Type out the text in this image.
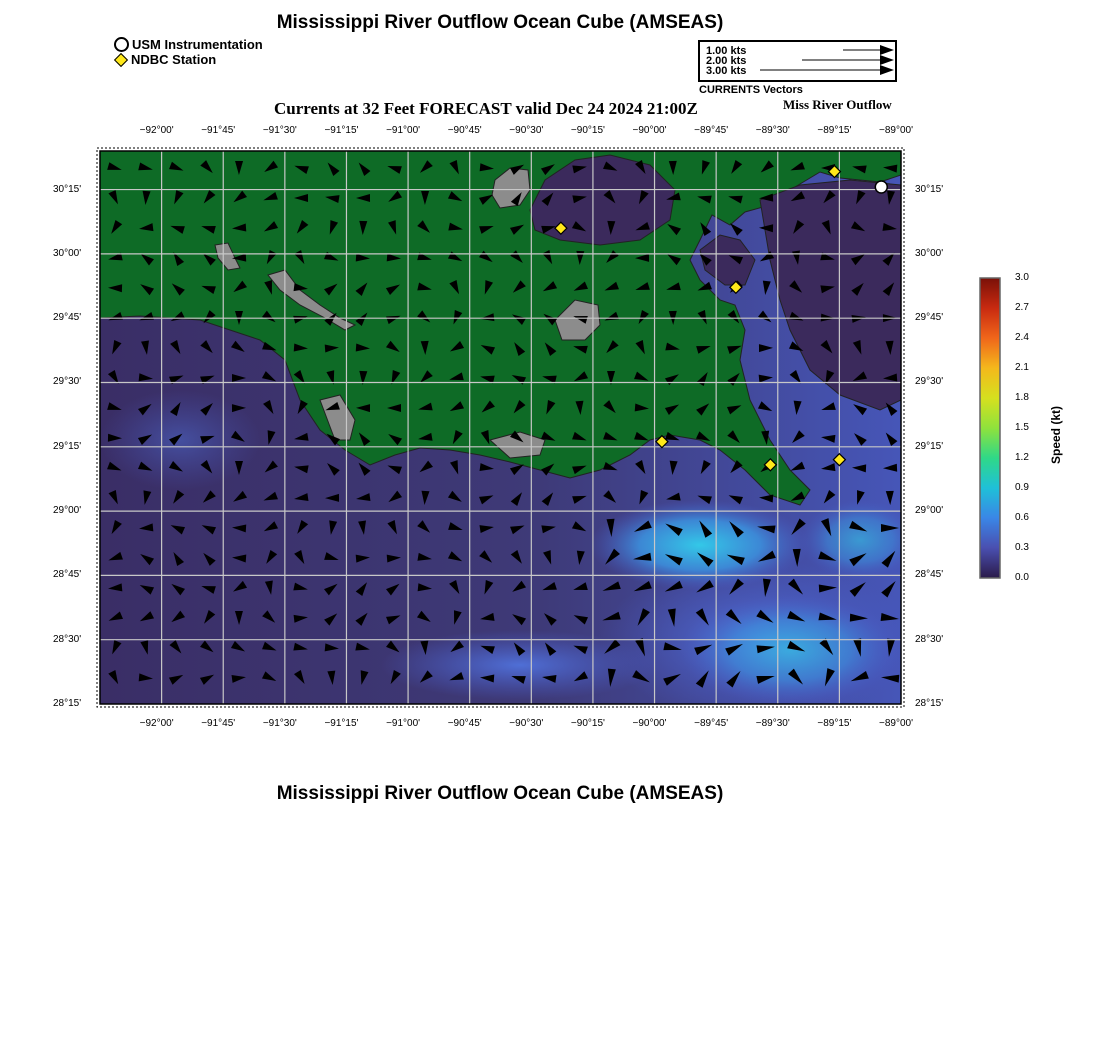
Mississippi River Outflow Ocean Cube (AMSEAS)
USM Instrumentation
NDBC Station
1.00 kts
2.00 kts
3.00 kts
CURRENTS Vectors
Currents at 32 Feet FORECAST valid Dec 24 2024 21:00Z	Miss River Outflow
−92°00'	−91°45'	−91°30'	−91°15'	−91°00'	−90°45'	−90°30'	−90°15'	−90°00'	−89°45'	−89°30'	−89°15'	−89°00'
−92°00'	−91°45'	−91°30'	−91°15'	−91°00'	−90°45'	−90°30'	−90°15'	−90°00'	−89°45'	−89°30'	−89°15'	−89°00'
30°15'
30°00'
29°45'
29°30'
29°15'
29°00'
28°45'
28°30'
28°15'
30°15'
30°00'
29°45'
29°30'
29°15'
29°00'
28°45'
28°30'
28°15'
3.0
2.7
2.4
2.1
1.8
1.5
1.2
0.9
0.6
0.3
0.0
Speed (kt)
Mississippi River Outflow Ocean Cube (AMSEAS)
